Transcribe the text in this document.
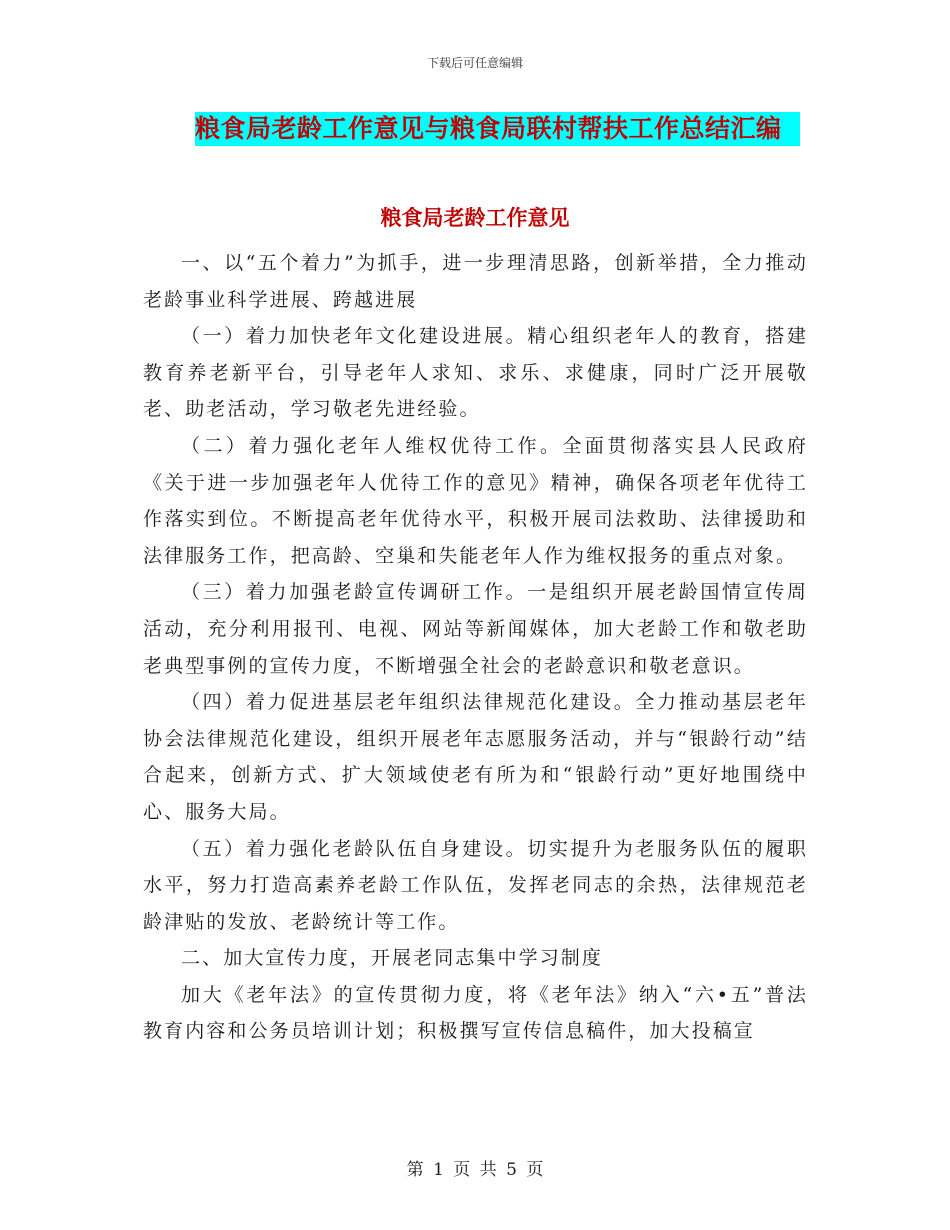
下载后可任意编辑
粮食局老龄工作意见与粮食局联村帮扶工作总结汇编
粮食局老龄工作意见

一、以“五个着力”为抓手，进一步理清思路，创新举措，全力推动老龄事业科学进展、跨越进展

（一）着力加快老年文化建设进展。精心组织老年人的教育，搭建教育养老新平台，引导老年人求知、求乐、求健康，同时广泛开展敬老、助老活动，学习敬老先进经验。

（二）着力强化老年人维权优待工作。全面贯彻落实县人民政府《关于进一步加强老年人优待工作的意见》精神，确保各项老年优待工作落实到位。不断提高老年优待水平，积极开展司法救助、法律援助和法律服务工作，把高龄、空巢和失能老年人作为维权报务的重点对象。

（三）着力加强老龄宣传调研工作。一是组织开展老龄国情宣传周活动，充分利用报刊、电视、网站等新闻媒体，加大老龄工作和敬老助老典型事例的宣传力度，不断增强全社会的老龄意识和敬老意识。

（四）着力促进基层老年组织法律规范化建设。全力推动基层老年协会法律规范化建设，组织开展老年志愿服务活动，并与“银龄行动”结合起来，创新方式、扩大领域使老有所为和“银龄行动”更好地围绕中心、服务大局。

（五）着力强化老龄队伍自身建设。切实提升为老服务队伍的履职水平，努力打造高素养老龄工作队伍，发挥老同志的余热，法律规范老龄津贴的发放、老龄统计等工作。

二、加大宣传力度，开展老同志集中学习制度

加大《老年法》的宣传贯彻力度，将《老年法》纳入“六•五”普法教育内容和公务员培训计划；积极撰写宣传信息稿件，加大投稿宣

第 1 页 共 5 页
